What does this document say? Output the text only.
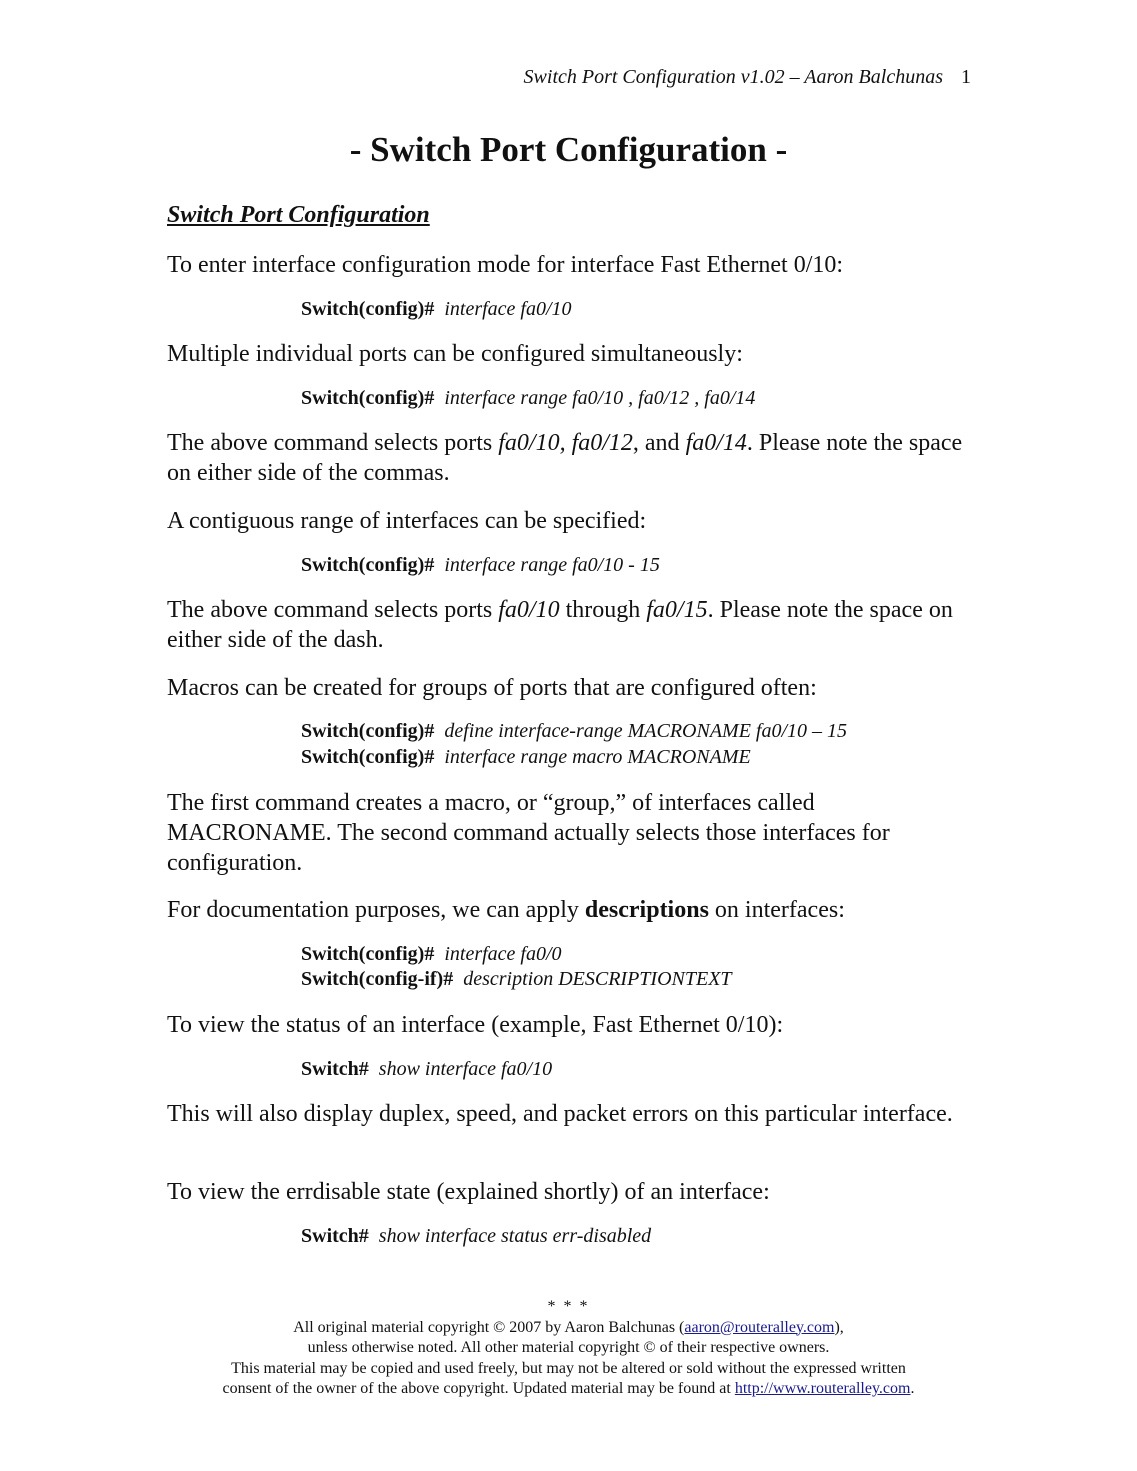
Switch Port Configuration v1.02 – Aaron Balchunas 1
- Switch Port Configuration -
Switch Port Configuration
To enter interface configuration mode for interface Fast Ethernet 0/10:
Switch(config)# interface fa0/10
Multiple individual ports can be configured simultaneously:
Switch(config)# interface range fa0/10 , fa0/12 , fa0/14
The above command selects ports fa0/10, fa0/12, and fa0/14. Please note the space on either side of the commas.
A contiguous range of interfaces can be specified:
Switch(config)# interface range fa0/10 - 15
The above command selects ports fa0/10 through fa0/15. Please note the space on either side of the dash.
Macros can be created for groups of ports that are configured often:
Switch(config)# define interface-range MACRONAME fa0/10 – 15
Switch(config)# interface range macro MACRONAME
The first command creates a macro, or “group,” of interfaces called MACRONAME. The second command actually selects those interfaces for configuration.
For documentation purposes, we can apply descriptions on interfaces:
Switch(config)# interface fa0/0
Switch(config-if)# description DESCRIPTIONTEXT
To view the status of an interface (example, Fast Ethernet 0/10):
Switch# show interface fa0/10
This will also display duplex, speed, and packet errors on this particular interface.
To view the errdisable state (explained shortly) of an interface:
Switch# show interface status err-disabled
* * *
All original material copyright © 2007 by Aaron Balchunas (aaron@routeralley.com),
unless otherwise noted. All other material copyright © of their respective owners.
This material may be copied and used freely, but may not be altered or sold without the expressed written
consent of the owner of the above copyright. Updated material may be found at http://www.routeralley.com.
